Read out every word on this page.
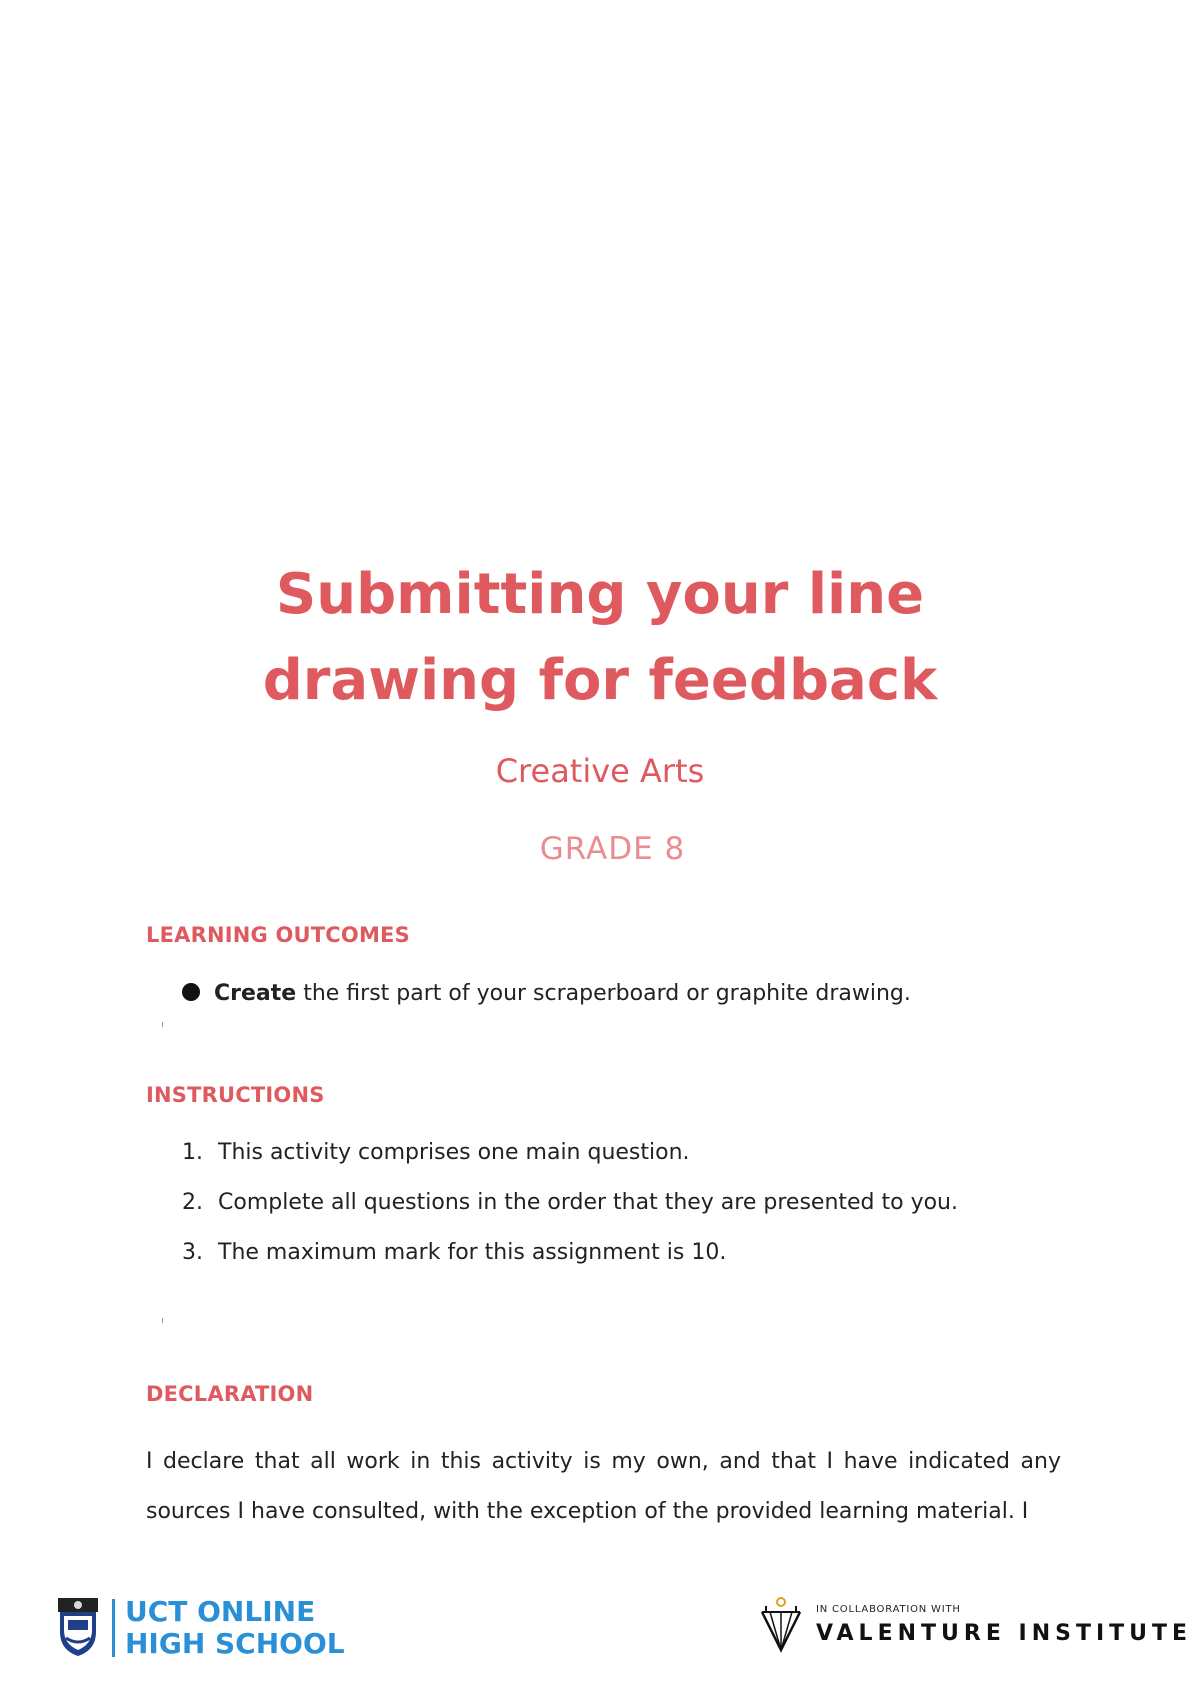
Submitting your line
drawing for feedback
Creative Arts
GRADE 8
LEARNING OUTCOMES
Create the first part of your scraperboard or graphite drawing.
INSTRUCTIONS
1. This activity comprises one main question.
2. Complete all questions in the order that they are presented to you.
3. The maximum mark for this assignment is 10.
DECLARATION

I declare that all work in this activity is my own, and that I have indicated any sources I have consulted, with the exception of the provided learning material. I

UCT ONLINE
HIGH SCHOOL
IN COLLABORATION WITH
VALENTURE INSTITUTE
